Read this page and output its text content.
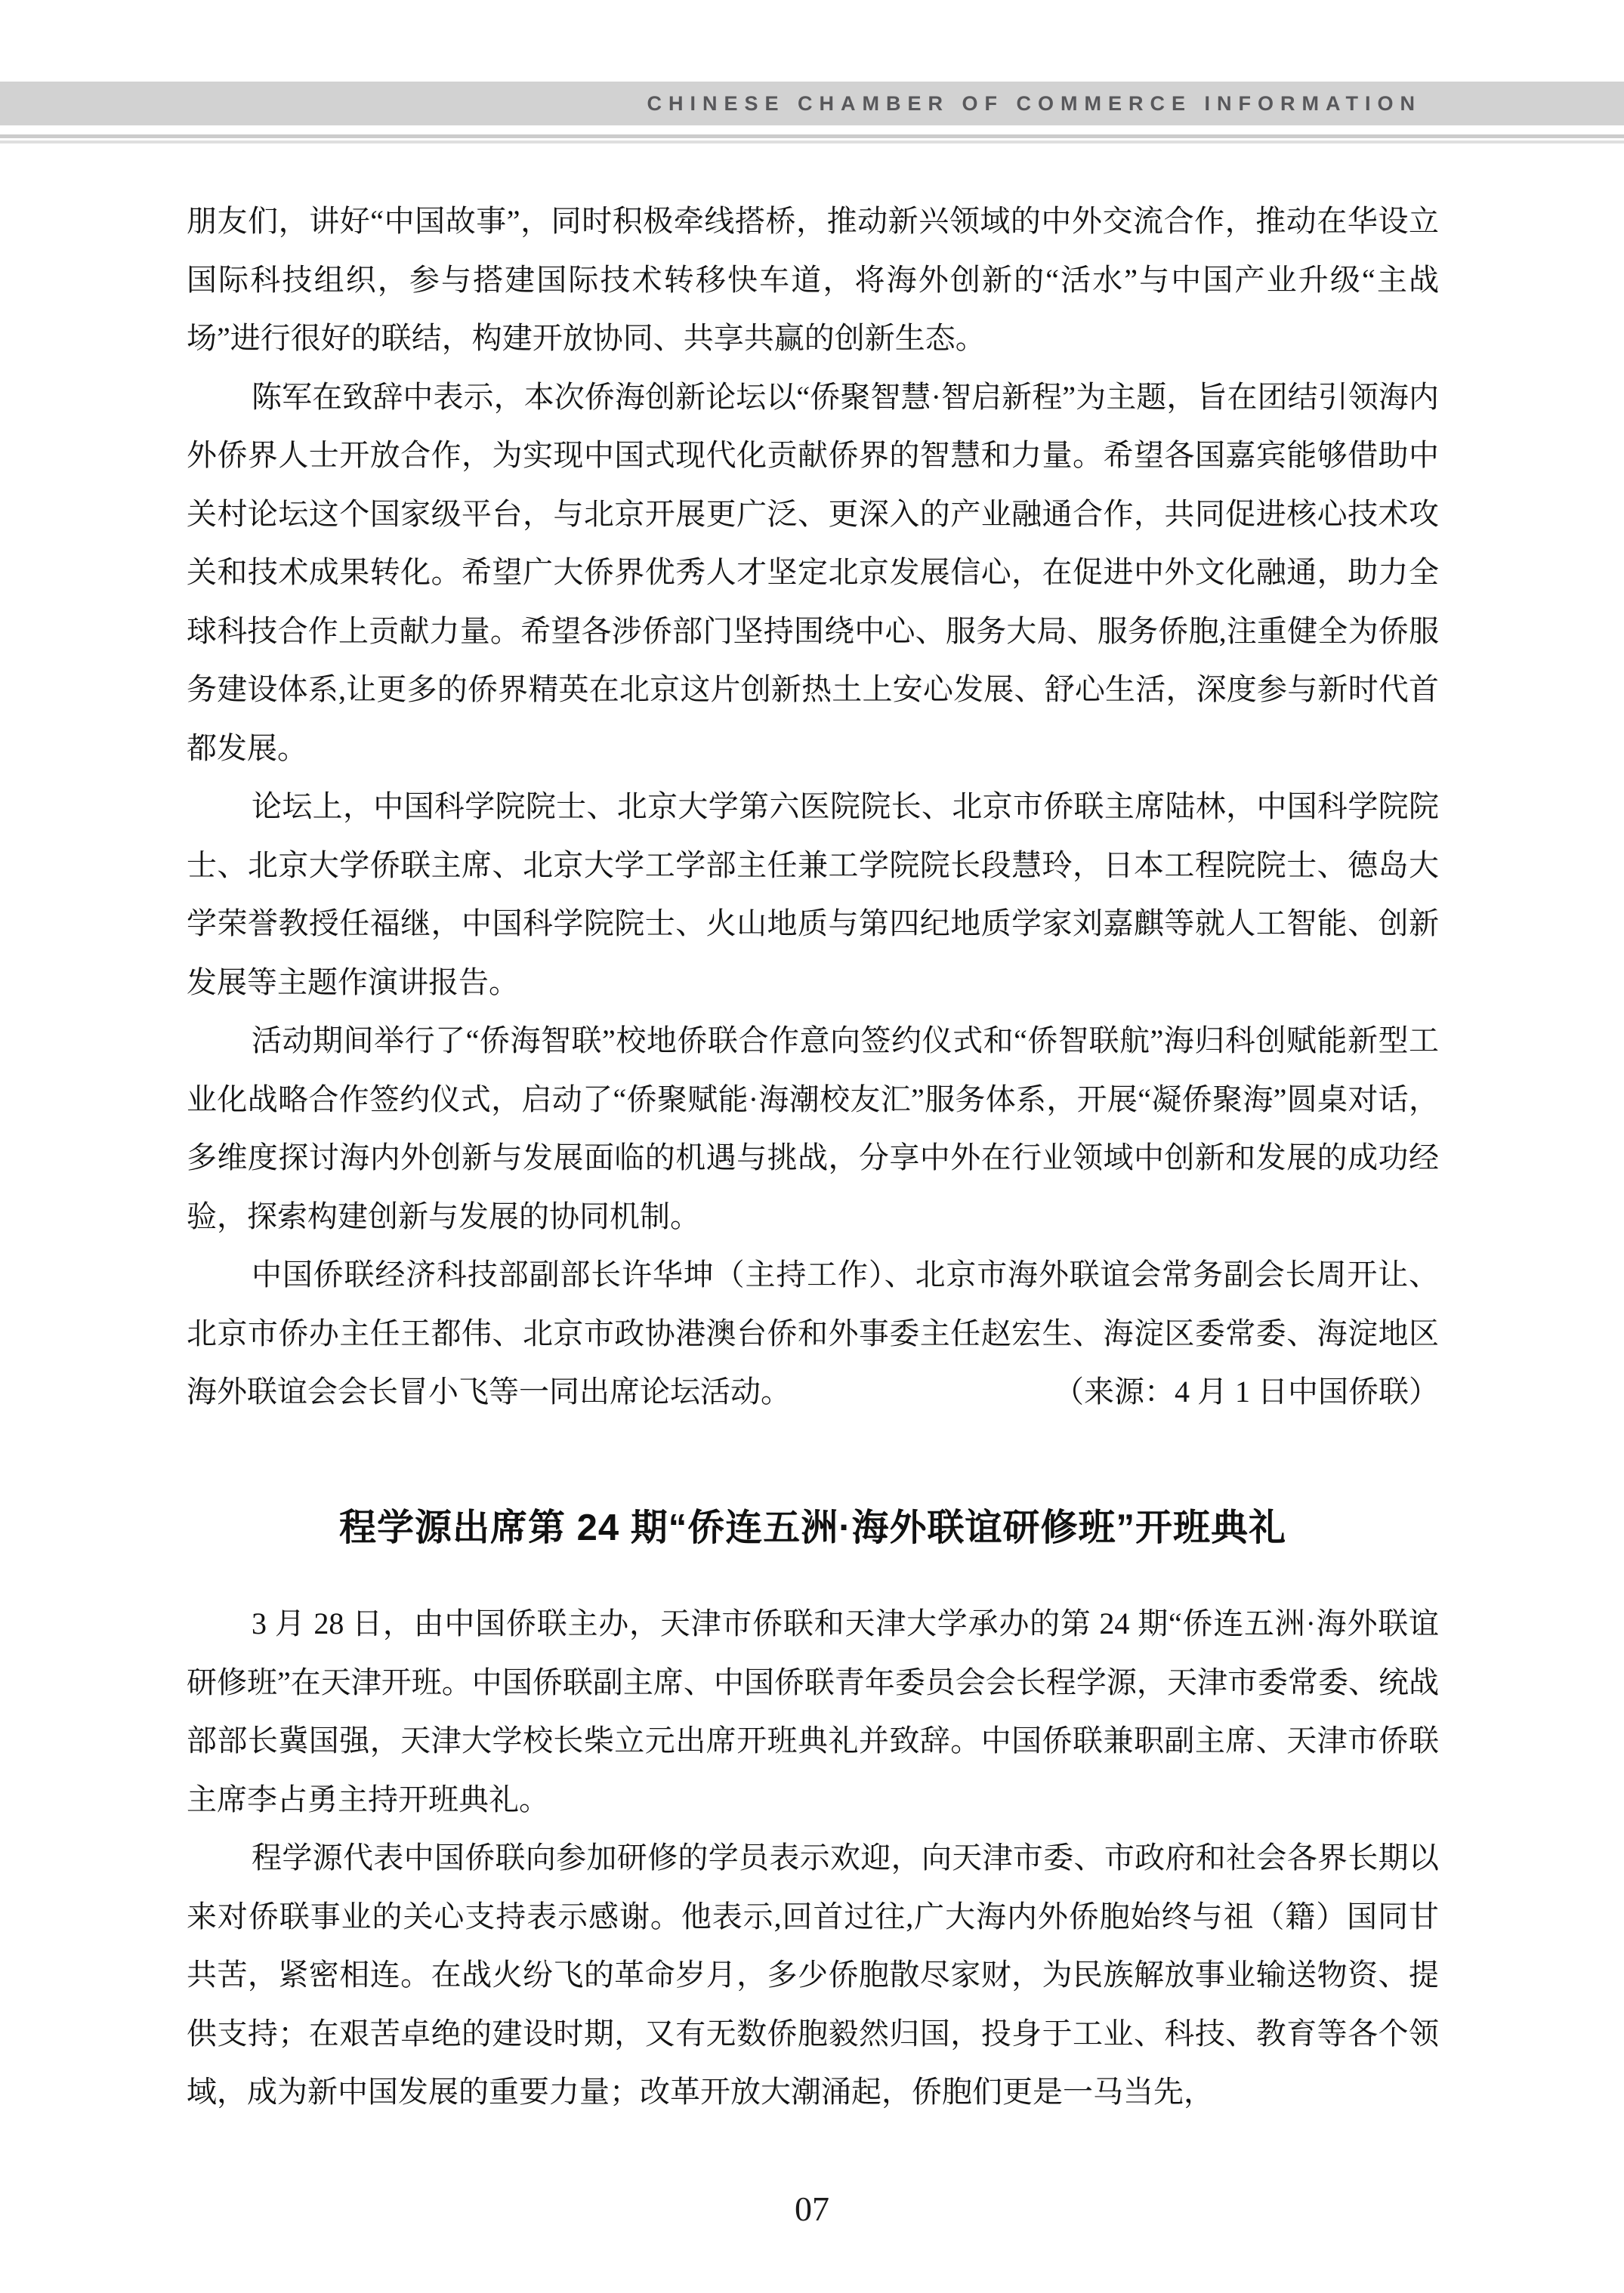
CHINESE CHAMBER OF COMMERCE INFORMATION

朋友们，讲好“中国故事”，同时积极牵线搭桥，推动新兴领域的中外交流合作，推动在华设立国际科技组织，参与搭建国际技术转移快车道，将海外创新的“活水”与中国产业升级“主战场”进行很好的联结，构建开放协同、共享共赢的创新生态。

陈军在致辞中表示，本次侨海创新论坛以“侨聚智慧·智启新程”为主题，旨在团结引领海内外侨界人士开放合作，为实现中国式现代化贡献侨界的智慧和力量。希望各国嘉宾能够借助中关村论坛这个国家级平台，与北京开展更广泛、更深入的产业融通合作，共同促进核心技术攻关和技术成果转化。希望广大侨界优秀人才坚定北京发展信心，在促进中外文化融通，助力全球科技合作上贡献力量。希望各涉侨部门坚持围绕中心、服务大局、服务侨胞,注重健全为侨服务建设体系,让更多的侨界精英在北京这片创新热土上安心发展、舒心生活，深度参与新时代首都发展。

论坛上，中国科学院院士、北京大学第六医院院长、北京市侨联主席陆林，中国科学院院士、北京大学侨联主席、北京大学工学部主任兼工学院院长段慧玲，日本工程院院士、德岛大学荣誉教授任福继，中国科学院院士、火山地质与第四纪地质学家刘嘉麒等就人工智能、创新发展等主题作演讲报告。

活动期间举行了“侨海智联”校地侨联合作意向签约仪式和“侨智联航”海归科创赋能新型工业化战略合作签约仪式，启动了“侨聚赋能·海潮校友汇”服务体系，开展“凝侨聚海”圆桌对话，多维度探讨海内外创新与发展面临的机遇与挑战，分享中外在行业领域中创新和发展的成功经验，探索构建创新与发展的协同机制。

中国侨联经济科技部副部长许华坤（主持工作）、北京市海外联谊会常务副会长周开让、北京市侨办主任王都伟、北京市政协港澳台侨和外事委主任赵宏生、海淀区委常委、海淀地区海外联谊会会长冒小飞等一同出席论坛活动。	（来源：4 月 1 日中国侨联）

程学源出席第 24 期“侨连五洲·海外联谊研修班”开班典礼

3 月 28 日，由中国侨联主办，天津市侨联和天津大学承办的第 24 期“侨连五洲·海外联谊研修班”在天津开班。中国侨联副主席、中国侨联青年委员会会长程学源，天津市委常委、统战部部长冀国强，天津大学校长柴立元出席开班典礼并致辞。中国侨联兼职副主席、天津市侨联主席李占勇主持开班典礼。

程学源代表中国侨联向参加研修的学员表示欢迎，向天津市委、市政府和社会各界长期以来对侨联事业的关心支持表示感谢。他表示,回首过往,广大海内外侨胞始终与祖（籍）国同甘共苦，紧密相连。在战火纷飞的革命岁月，多少侨胞散尽家财，为民族解放事业输送物资、提供支持；在艰苦卓绝的建设时期，又有无数侨胞毅然归国，投身于工业、科技、教育等各个领域，成为新中国发展的重要力量；改革开放大潮涌起，侨胞们更是一马当先，

07
